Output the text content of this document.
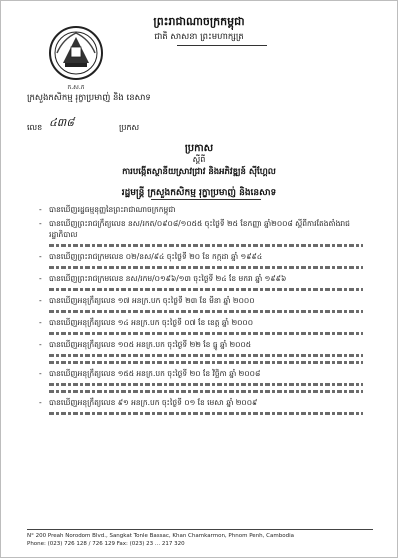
ព្រះរាជាណាចក្រកម្ពុជា
ជាតិ សាសនា ព្រះមហាក្សត្រ
ក.ស.ក
ក្រសួងកសិកម្ម រុក្ខាប្រមាញ់ និង នេសាទ
លេខ ៤៣៨	ប្រកស
ប្រកាស
ស្តីពី
ការបង្កើតស្ថានីយស្រាវជ្រាវ និងអភិវឌ្ឍន៍ ស៊ីហ្គែល
រដ្ឋមន្ត្រី ក្រសួងកសិកម្ម រុក្ខាប្រមាញ់ និងនេសាទ
- បានឃើញរដ្ឋធម្មនុញ្ញនៃព្រះរាជាណាចក្រកម្ពុជា
- បានឃើញព្រះរាជក្រឹត្យលេខ នស/រកត/០៩០៨/១០៥៥ ចុះថ្ងៃទី ២៥ ខែកញ្ញា ឆ្នាំ២០០៨ ស្តីពីការតែងតាំងរាជរដ្ឋាភិបាល
- បានឃើញព្រះរាជក្រមលេខ ០២/នស/៩៤ ចុះថ្ងៃទី ២០ ខែ កក្កដា ឆ្នាំ ១៩៩៤
- បានឃើញព្រះរាជក្រមលេខ នស/រកម/០១៩៦/១៣ ចុះថ្ងៃទី ២៤ ខែ មករា ឆ្នាំ ១៩៩៦
- បានឃើញអនុក្រឹត្យលេខ ១៧ អនក្រ.បក ចុះថ្ងៃទី ២៣ ខែ មីនា ឆ្នាំ ២០០០
- បានឃើញអនុក្រឹត្យលេខ ១៤ អនក្រ.បក ចុះថ្ងៃទី ០៧ ខែ ខេត្ត ឆ្នាំ ២០០០
- បានឃើញអនុក្រឹត្យលេខ ១០៥ អនក្រ.បក ចុះថ្ងៃទី ២២ ខែ ធ្នូ ឆ្នាំ ២០០៥
- បានឃើញអនុក្រឹត្យលេខ ១៥៥ អនក្រ.បក ចុះថ្ងៃទី ២០ ខែ វិច្ឆិកា ឆ្នាំ ២០០៨
- បានឃើញអនុក្រឹត្យលេខ ៩១ អនក្រ.បក ចុះថ្ងៃទី ០១ ខែ មេសា ឆ្នាំ ២០០៩
N° 200 Preah Norodom Blvd., Sangkat Tonle Bassac, Khan Chamkarmon, Phnom Penh, Cambodia
Phone: (023) 726 128 / 726 129 Fax: (023) 23 ... 217 320
